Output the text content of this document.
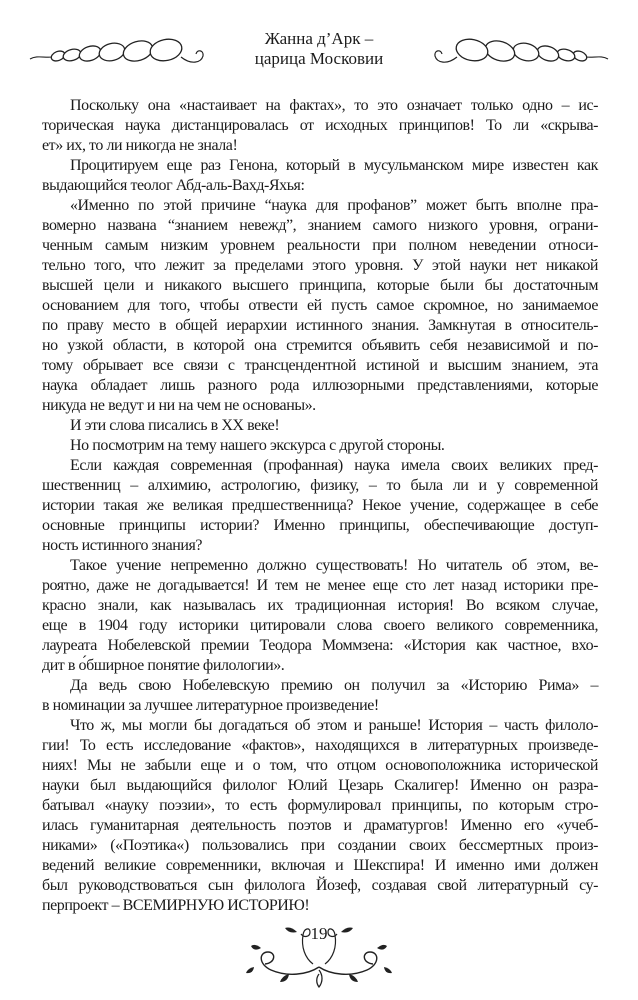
Жанна д’Арк –
царица Московии
Поскольку она «настаивает на фактах», то это означает только одно – ис-
торическая наука дистанцировалась от исходных принципов! То ли «скрыва-
ет» их, то ли никогда не знала!
Процитируем еще раз Генона, который в мусульманском мире известен как
выдающийся теолог Абд-аль-Вахд-Яхья:
«Именно по этой причине “наука для профанов” может быть вполне пра-
вомерно названа “знанием невежд”, знанием самого низкого уровня, ограни-
ченным самым низким уровнем реальности при полном неведении относи-
тельно того, что лежит за пределами этого уровня. У этой науки нет никакой
высшей цели и никакого высшего принципа, которые были бы достаточным
основанием для того, чтобы отвести ей пусть самое скромное, но занимаемое
по праву место в общей иерархии истинного знания. Замкнутая в относитель-
но узкой области, в которой она стремится объявить себя независимой и по-
тому обрывает все связи с трансцендентной истиной и высшим знанием, эта
наука обладает лишь разного рода иллюзорными представлениями, которые
никуда не ведут и ни на чем не основаны».
И эти слова писались в XX веке!
Но посмотрим на тему нашего экскурса с другой стороны.
Если каждая современная (профанная) наука имела своих великих пред-
шественниц – алхимию, астрологию, физику, – то была ли и у современной
истории такая же великая предшественница? Некое учение, содержащее в себе
основные принципы истории? Именно принципы, обеспечивающие доступ-
ность истинного знания?
Такое учение непременно должно существовать! Но читатель об этом, ве-
роятно, даже не догадывается! И тем не менее еще сто лет назад историки пре-
красно знали, как называлась их традиционная история! Во всяком случае,
еще в 1904 году историки цитировали слова своего великого современника,
лауреата Нобелевской премии Теодора Моммзена: «История как частное, вхо-
дит в о́бширное понятие филологии».
Да ведь свою Нобелевскую премию он получил за «Историю Рима» –
в номинации за лучшее литературное произведение!
Что ж, мы могли бы догадаться об этом и раньше! История – часть филоло-
гии! То есть исследование «фактов», находящихся в литературных произведе-
ниях! Мы не забыли еще и о том, что отцом основоположника исторической
науки был выдающийся филолог Юлий Цезарь Скалигер! Именно он разра-
батывал «науку поэзии», то есть формулировал принципы, по которым стро-
илась гуманитарная деятельность поэтов и драматургов! Именно его «учеб-
никами» («Поэтика«) пользовались при создании своих бессмертных произ-
ведений великие современники, включая и Шекспира! И именно ими должен
был руководствоваться сын филолога Йозеф, создавая свой литературный су-
перпроект – ВСЕМИРНУЮ ИСТОРИЮ!
19
